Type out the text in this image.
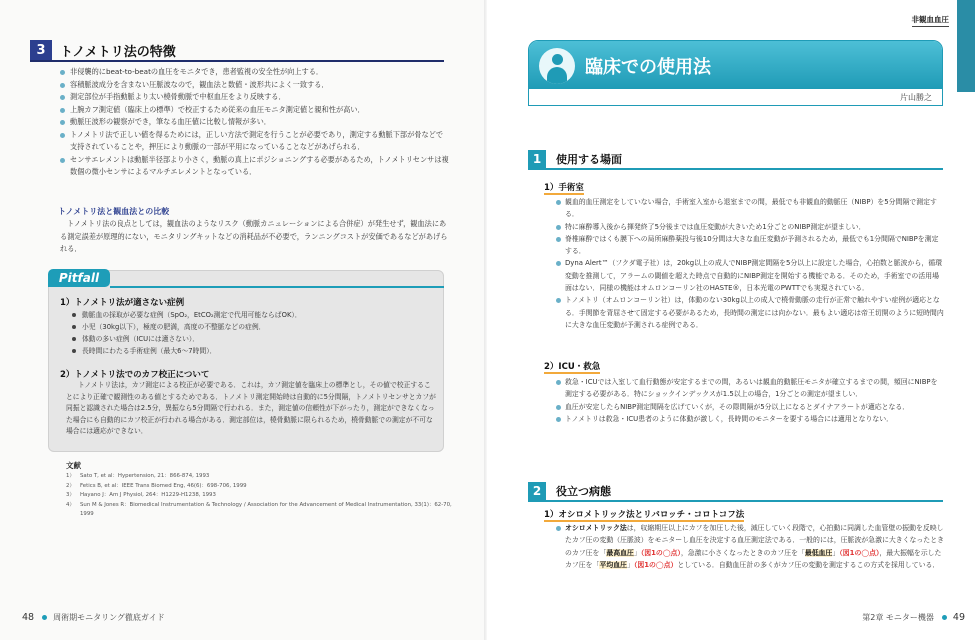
3	トノメトリ法の特徴
非侵襲的にbeat-to-beatの血圧をモニタでき，患者監視の安全性が向上する．
容積脈波成分を含まない圧脈波なので，観血法と数値・波形共によく一致する．
測定部位が手指動脈より太い橈骨動脈で中枢血圧をより反映する．
上腕カフ測定値（臨床上の標準）で校正するため従来の血圧モニタ測定値と親和性が高い．
動脈圧波形の観察ができ，筆なる血圧値に比較し情報が多い．
トノメトリ法で正しい値を得るためには，正しい方法で測定を行うことが必要であり，測定する動脈下部が骨などで支持されていることや，押圧により動脈の一部が平用になっていることなどがあげられる．
センサエレメントは動脈半径部より小さく，動脈の真上にポジショニングする必要があるため，トノメトリセンサは複数個の微小センサによるマルチエレメントとなっている．
トノメトリ法と観血法との比較

トノメトリ法の良点としては，観血法のようなリスク（動脈カニュレーションによる合併症）が発生せず，観血法にある測定誤差が原理的にない，モニタリングキットなどの消耗品が不必要で，ランニングコストが安価であるなどがあげられる．

Pitfall
1）トノメトリ法が適さない症例
動脈血の採取が必要な症例（SpO₂，EtCO₂測定で代用可能ならばOK）．
小児（30kg以下），極度の肥満，高度の不整脈などの症例．
体動の多い症例（ICUには適さない）．
長時間にわたる手術症例（最大6〜7時間）．
2）トノメトリ法でのカフ校正について

トノメトリ法は，カフ測定による校正が必要である．これは，カフ測定値を臨床上の標準とし，その値で校正することにより正確で観測性のある値とするためである．トノメトリ測定開始時は自動的に5分間隔，トノメトリセンサとカフが同振と認識された場合は2.5分，異振なら5分間隔で行われる．また，測定値の信頼性が下がったり，測定ができなくなった場合にも自動的にカフ校正が行われる場合がある．測定部位は，橈骨動脈に限られるため，橈骨動脈での測定が不可な場合には適応ができない．

文献
1） Sato T, et al：Hypertension, 21：866-874, 1993
2） Fetics B, et al：IEEE Trans Biomed Eng, 46(6)：698-706, 1999
3） Hayano J：Am J Physiol, 264：H1229-H1238, 1993
4） Sun M & Jones R：Biomedical Instrumentation & Technology / Association for the Advancement of Medical Instrumentation, 33(1)：62-70, 1999
48 周術期モニタリング徹底ガイド
非観血血圧
第2章 モニター機器 49
臨床での使用法
片山勝之
1	使用する場面
1）手術室
観血的血圧測定をしていない場合，手術室入室から退室までの間，最低でも非観血的動脈圧（NIBP）を5分間隔で測定する．
特に麻酔導入後から揮発終了5分後までは血圧変動が大きいため1分ごとのNIBP測定が望ましい．
脊椎麻酔ではくも膜下への局所麻酔薬投与後10分間は大きな血圧変動が予測されるため，最低でも1分間隔でNIBPを測定する．
Dyna Alert™（フクダ電子社）は，20kg以上の成人でNIBP測定間隔を5分以上に設定した場合，心拍数と脈波から，循環変動を推測して，アラームの閾値を超えた時点で自動的にNIBP測定を開始する機能である．そのため，手術室での活用場面はない．同様の機能はオムロンコーリン社のHASTE®，日本光電のPWTTでも実現されている．
トノメトリ（オムロンコーリン社）は，体動のない30kg以上の成人で橈骨動脈の走行が正常で触れやすい症例が適応となる．手関節を背屈させて固定する必要があるため，長時間の測定には向かない．最もよい適応は帝王切開のように短時間内に大きな血圧変動が予測される症例である．
2）ICU・救急
救急・ICUでは入室して血行動態が安定するまでの間，あるいは観血的動脈圧モニタが確立するまでの間，頻回にNIBPを測定する必要がある．特にショックインデックスが1.5以上の場合，1分ごとの測定が望ましい．
血圧が安定したらNIBP測定間隔を広げていくが，その際間隔が5分以上になるとダイナアラートが適応となる．
トノメトリは救急・ICU患者のように体動が激しく，長時間のモニターを要する場合には適用となりない．
2	役立つ病態
1）オシロメトリック法とリバロッチ・コロトコフ法
オシロメトリック法は，収縮期圧以上にカフを加圧した後，減圧していく段階で，心拍動に同調した血管壁の振動を反映したカフ圧の変動（圧脈波）をモニターし血圧を決定する血圧測定法である．一般的には，圧脈波が急激に大きくなったときのカフ圧を「最高血圧」（図1の◯点），急激に小さくなったときのカフ圧を「最低血圧」（図1の◯点），最大振幅を示したカフ圧を「平均血圧」（図1の◯点）としている．自動血圧計の多くがカフ圧の変動を測定するこの方式を採用している．
